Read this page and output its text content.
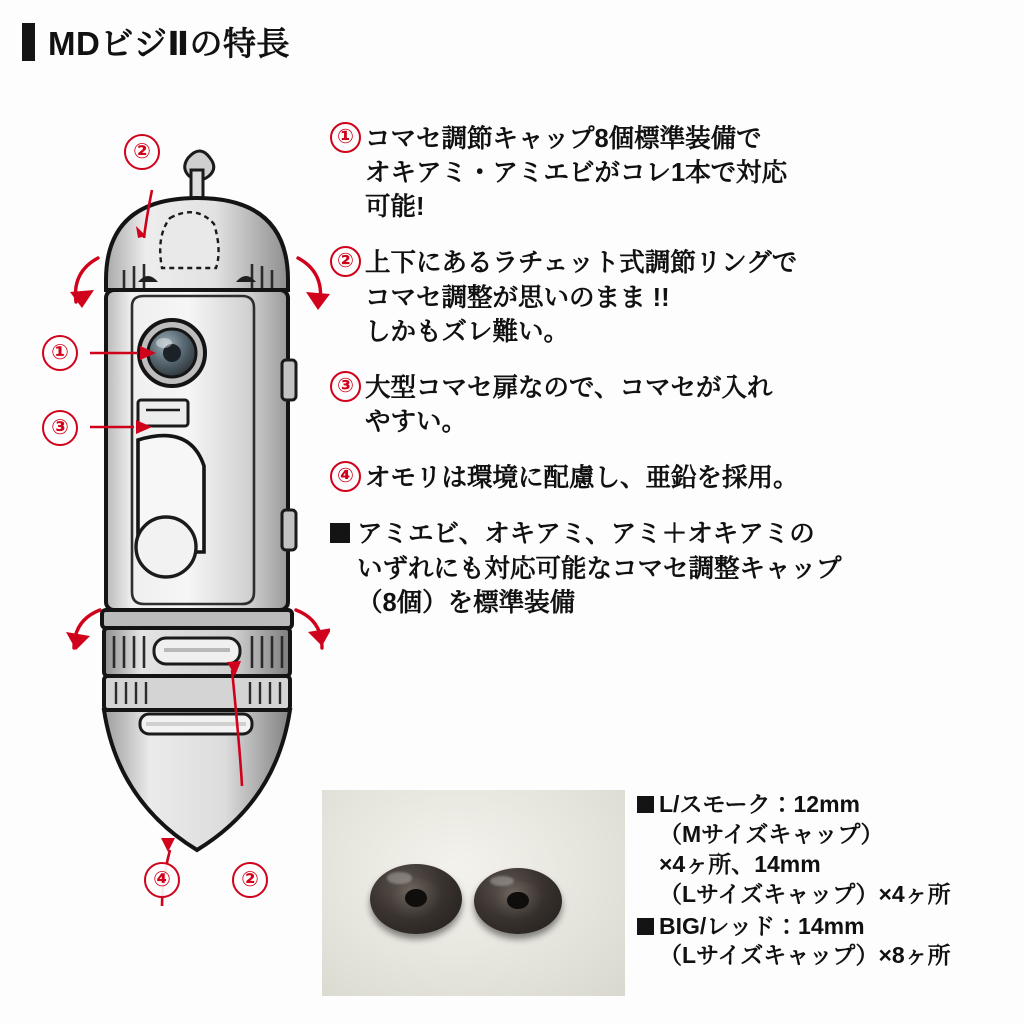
MDビジⅡの特長
②
①
③
④	②
① コマセ調節キャップ8個標準装備で
オキアミ・アミエビがコレ1本で対応
可能!
② 上下にあるラチェット式調節リングで
コマセ調整が思いのまま !!
しかもズレ難い。
③ 大型コマセ扉なので、コマセが入れ
やすい。
④ オモリは環境に配慮し、亜鉛を採用。
アミエビ、オキアミ、アミ＋オキアミの
いずれにも対応可能なコマセ調整キャップ
（8個）を標準装備
L/スモーク：12mm
（Mサイズキャップ）
×4ヶ所、14mm
（Lサイズキャップ）×4ヶ所
BIG/レッド：14mm
（Lサイズキャップ）×8ヶ所
